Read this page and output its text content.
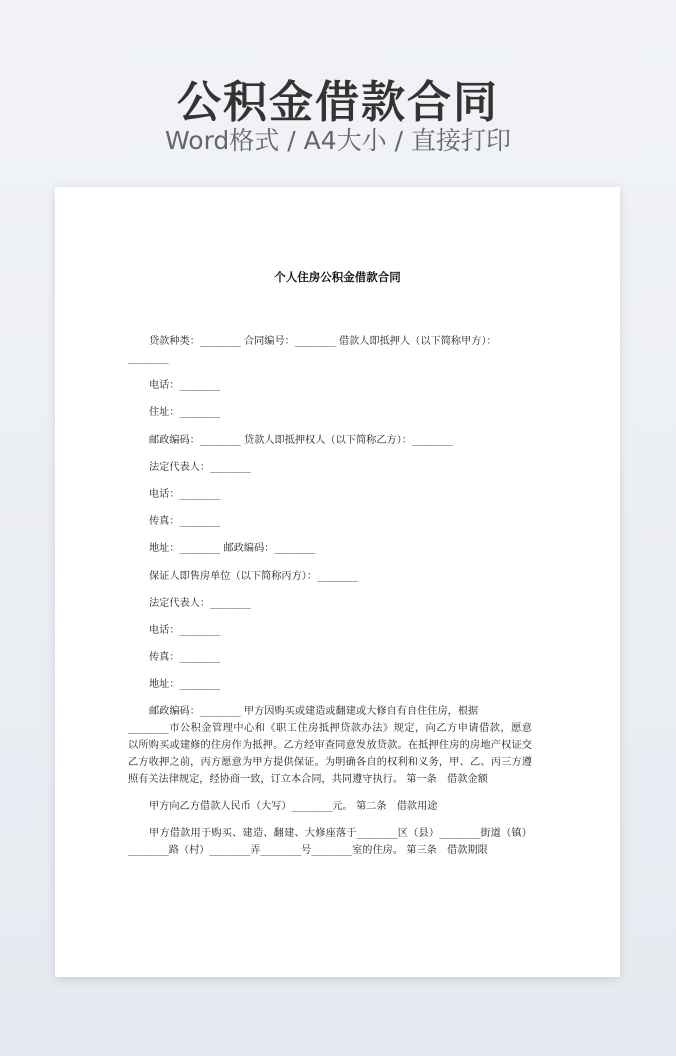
公积金借款合同
Word格式 / A4大小 / 直接打印
个人住房公积金借款合同
贷款种类：________ 合同编号：________ 借款人即抵押人（以下简称甲方）：
________
电话：________
住址：________
邮政编码：________ 贷款人即抵押权人（以下简称乙方）：________
法定代表人：________
电话：________
传真：________
地址：________ 邮政编码：________
保证人即售房单位（以下简称丙方）：________
法定代表人：________
电话：________
传真：________
地址：________
邮政编码：________ 甲方因购买或建造或翻建或大修自有自住住房，根据
________市公积金管理中心和《职工住房抵押贷款办法》规定，向乙方申请借款，愿意
以所购买或建修的住房作为抵押。乙方经审查同意发放贷款。在抵押住房的房地产权证交
乙方收押之前，丙方愿意为甲方提供保证。为明确各自的权利和义务，甲、乙、丙三方遵
照有关法律规定，经协商一致，订立本合同，共同遵守执行。 第一条　借款金额
甲方向乙方借款人民币（大写）________元。 第二条　借款用途
甲方借款用于购买、建造、翻建、大修座落于________区（县）________街道（镇）
________路（村）________弄________号________室的住房。 第三条　借款期限
